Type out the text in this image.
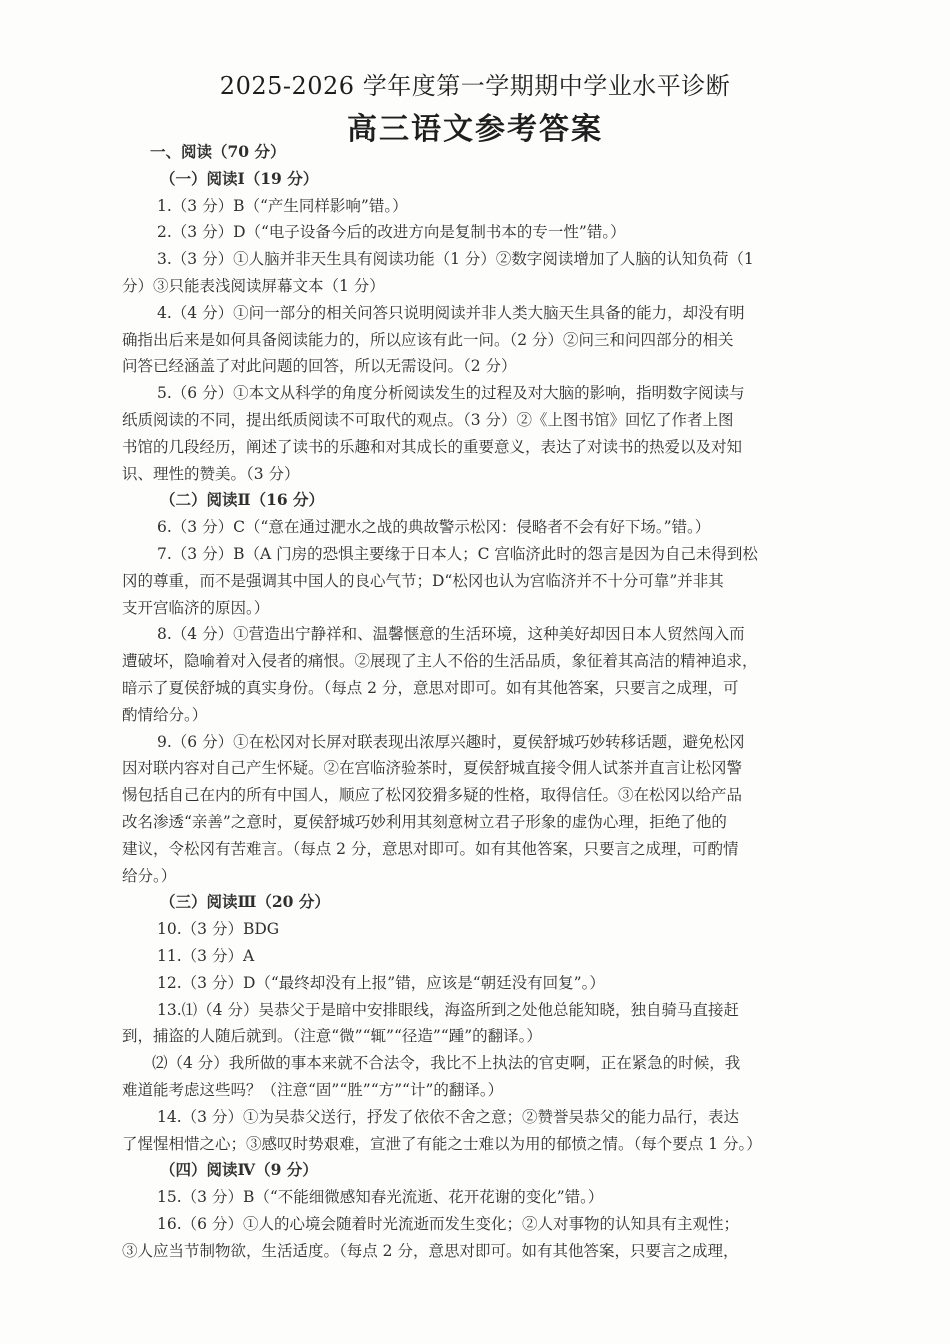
2025-2026 学年度第一学期期中学业水平诊断
高三语文参考答案
一、阅读（70 分）
（一）阅读Ⅰ（19 分）
1.（3 分）B（“产生同样影响”错。）
2.（3 分）D（“电子设备今后的改进方向是复制书本的专一性”错。）
3.（3 分）①人脑并非天生具有阅读功能（1 分）②数字阅读增加了人脑的认知负荷（1
分）③只能表浅阅读屏幕文本（1 分）
4.（4 分）①问一部分的相关问答只说明阅读并非人类大脑天生具备的能力，却没有明
确指出后来是如何具备阅读能力的，所以应该有此一问。（2 分）②问三和问四部分的相关
问答已经涵盖了对此问题的回答，所以无需设问。（2 分）
5.（6 分）①本文从科学的角度分析阅读发生的过程及对大脑的影响，指明数字阅读与
纸质阅读的不同，提出纸质阅读不可取代的观点。（3 分）②《上图书馆》回忆了作者上图
书馆的几段经历，阐述了读书的乐趣和对其成长的重要意义，表达了对读书的热爱以及对知
识、理性的赞美。（3 分）
（二）阅读Ⅱ（16 分）
6.（3 分）C（“意在通过淝水之战的典故警示松冈：侵略者不会有好下场。”错。）
7.（3 分）B（A 门房的恐惧主要缘于日本人；C 宫临济此时的怨言是因为自己未得到松
冈的尊重，而不是强调其中国人的良心气节；D“松冈也认为宫临济并不十分可靠”并非其
支开宫临济的原因。）
8.（4 分）①营造出宁静祥和、温馨惬意的生活环境，这种美好却因日本人贸然闯入而
遭破坏，隐喻着对入侵者的痛恨。②展现了主人不俗的生活品质，象征着其高洁的精神追求，
暗示了夏侯舒城的真实身份。（每点 2 分，意思对即可。如有其他答案，只要言之成理，可
酌情给分。）
9.（6 分）①在松冈对长屏对联表现出浓厚兴趣时，夏侯舒城巧妙转移话题，避免松冈
因对联内容对自己产生怀疑。②在宫临济验茶时，夏侯舒城直接令佣人试茶并直言让松冈警
惕包括自己在内的所有中国人，顺应了松冈狡猾多疑的性格，取得信任。③在松冈以给产品
改名渗透“亲善”之意时，夏侯舒城巧妙利用其刻意树立君子形象的虚伪心理，拒绝了他的
建议，令松冈有苦难言。（每点 2 分，意思对即可。如有其他答案，只要言之成理，可酌情
给分。）
（三）阅读Ⅲ（20 分）
10.（3 分）BDG
11.（3 分）A
12.（3 分）D（“最终却没有上报”错，应该是“朝廷没有回复”。）
13.⑴（4 分）吴恭父于是暗中安排眼线，海盗所到之处他总能知晓，独自骑马直接赶
到，捕盗的人随后就到。（注意“微”“辄”“径造”“踵”的翻译。）
⑵（4 分）我所做的事本来就不合法令，我比不上执法的官吏啊，正在紧急的时候，我
难道能考虑这些吗？（注意“固”“胜”“方”“计”的翻译。）
14.（3 分）①为吴恭父送行，抒发了依依不舍之意；②赞誉吴恭父的能力品行，表达
了惺惺相惜之心；③感叹时势艰难，宣泄了有能之士难以为用的郁愤之情。（每个要点 1 分。）
（四）阅读Ⅳ（9 分）
15.（3 分）B（“不能细微感知春光流逝、花开花谢的变化”错。）
16.（6 分）①人的心境会随着时光流逝而发生变化；②人对事物的认知具有主观性；
③人应当节制物欲，生活适度。（每点 2 分，意思对即可。如有其他答案，只要言之成理，
